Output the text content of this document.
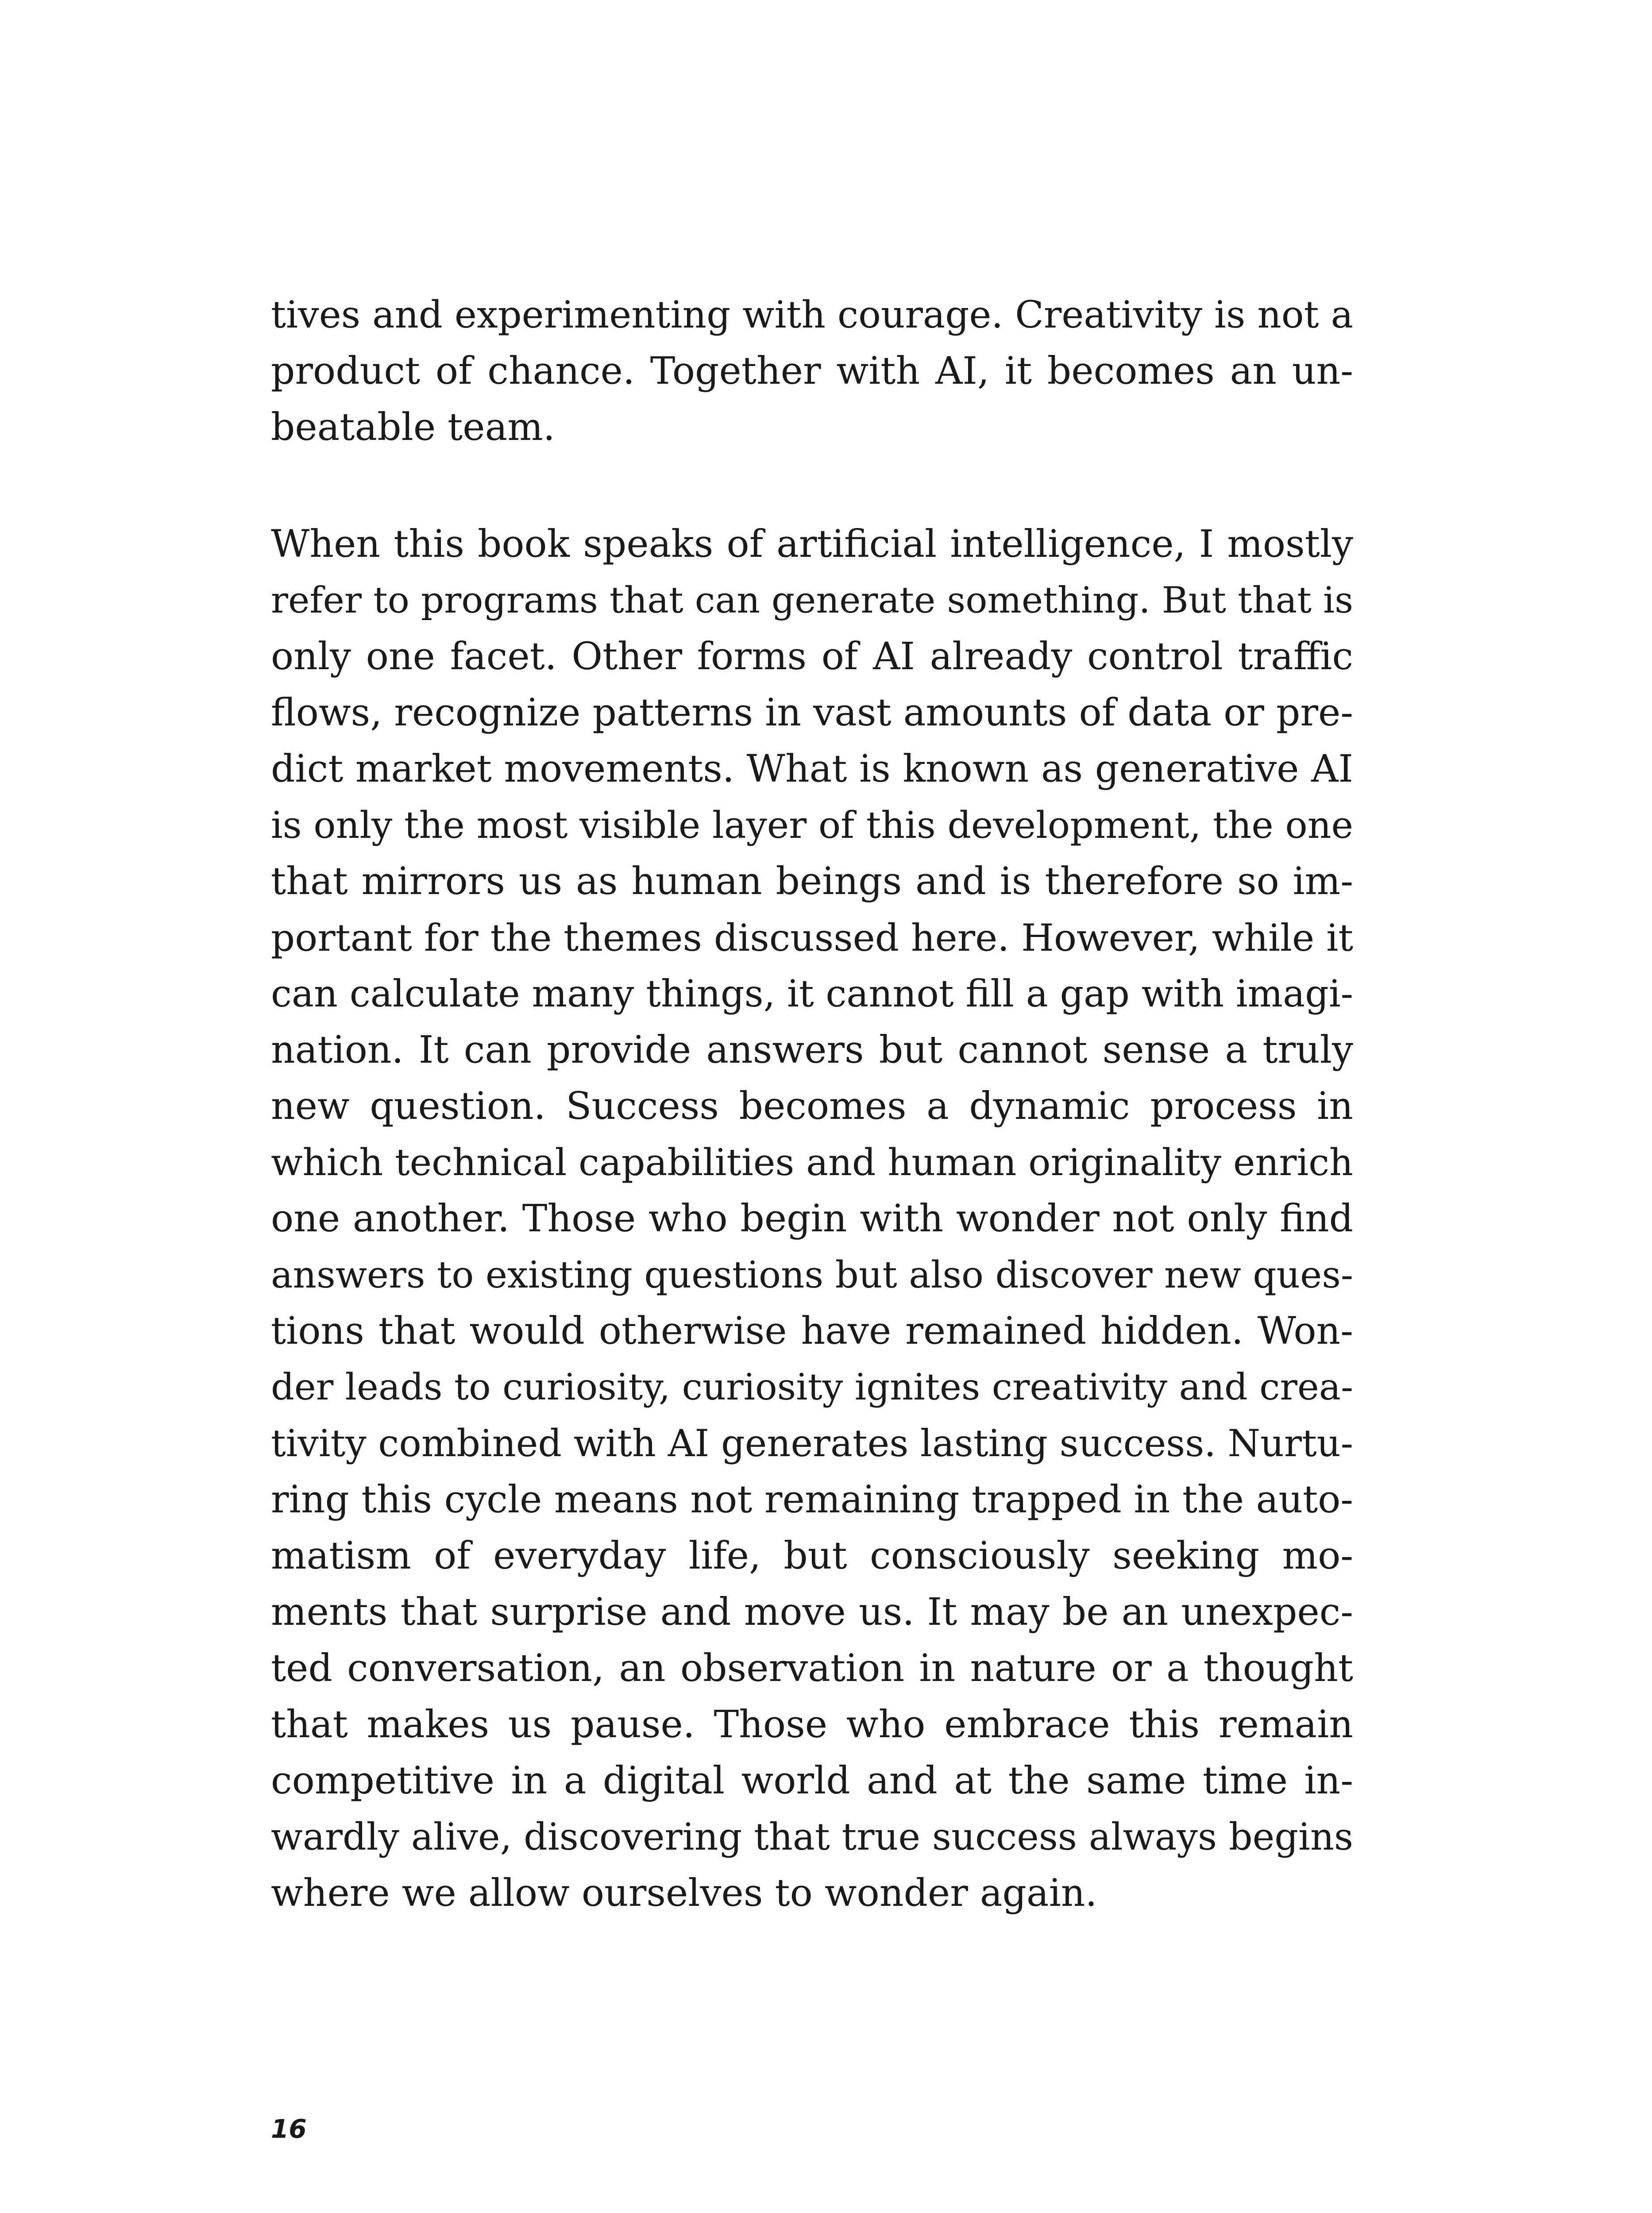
tives and experimenting with courage. Creativity is not a
product of chance. Together with AI, it becomes an un-
beatable team.
When this book speaks of artificial intelligence, I mostly
refer to programs that can generate something. But that is
only one facet. Other forms of AI already control traffic
flows, recognize patterns in vast amounts of data or pre-
dict market movements. What is known as generative AI
is only the most visible layer of this development, the one
that mirrors us as human beings and is therefore so im-
portant for the themes discussed here. However, while it
can calculate many things, it cannot fill a gap with imagi-
nation. It can provide answers but cannot sense a truly
new question. Success becomes a dynamic process in
which technical capabilities and human originality enrich
one another. Those who begin with wonder not only find
answers to existing questions but also discover new ques-
tions that would otherwise have remained hidden. Won-
der leads to curiosity, curiosity ignites creativity and crea-
tivity combined with AI generates lasting success. Nurtu-
ring this cycle means not remaining trapped in the auto-
matism of everyday life, but consciously seeking mo-
ments that surprise and move us. It may be an unexpec-
ted conversation, an observation in nature or a thought
that makes us pause. Those who embrace this remain
competitive in a digital world and at the same time in-
wardly alive, discovering that true success always begins
where we allow ourselves to wonder again.
16
